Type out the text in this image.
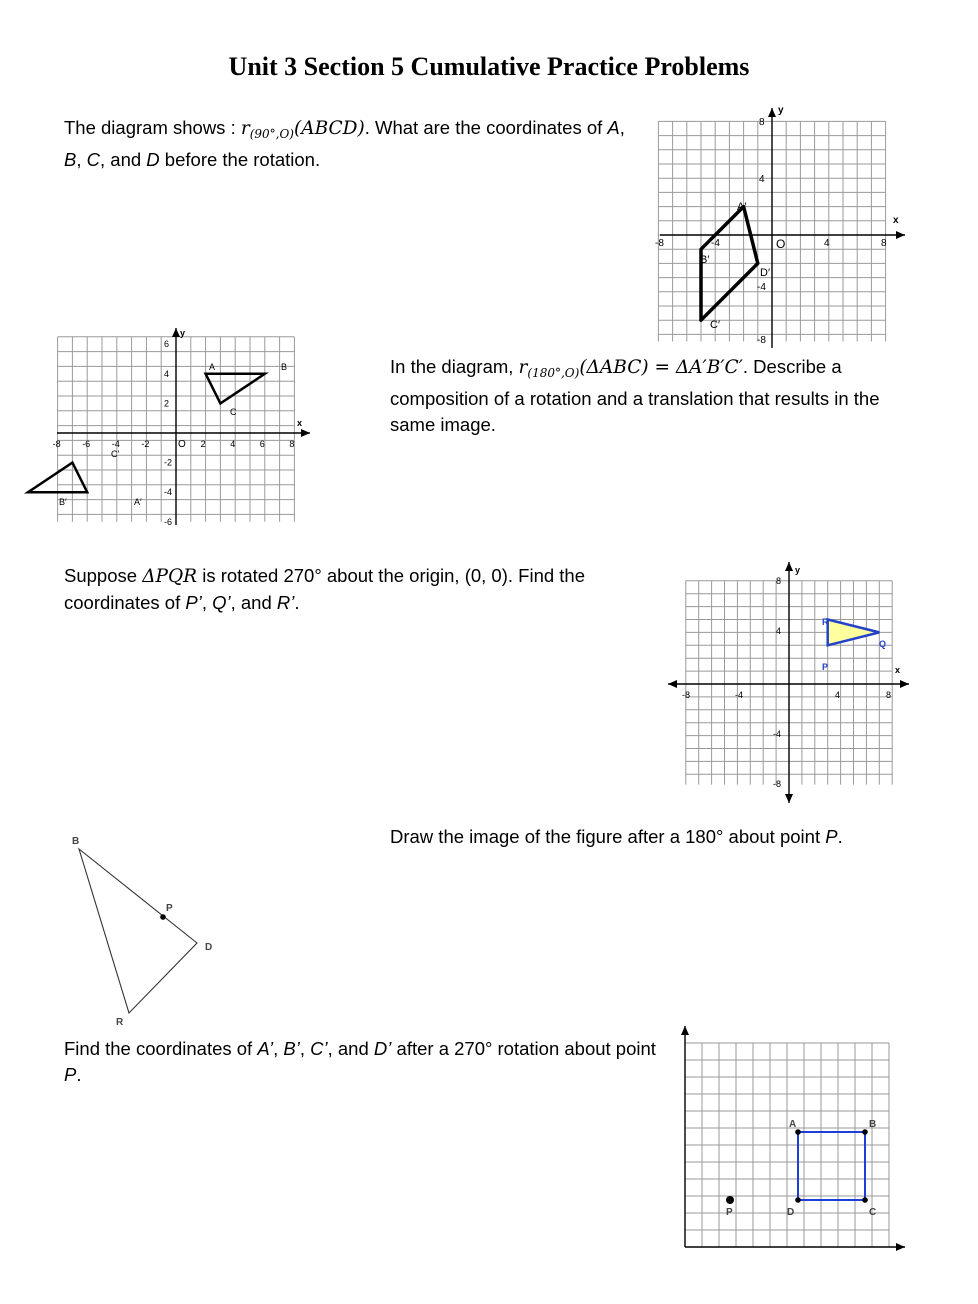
Unit 3 Section 5 Cumulative Practice Problems
The diagram shows : $r_{(90^\circ,O)}(ABCD)$. What are the coordinates of A, B, C, and D before the rotation.
In the diagram, $r_{(180^\circ,O)}(\Delta ABC) = \Delta A'B'C'$. Describe a composition of a rotation and a translation that results in the same image.
Suppose ΔPQR is rotated 270° about the origin, (0, 0). Find the coordinates of P’, Q’, and R’.
Draw the image of the figure after a 180° about point P.
Find the coordinates of A’, B’, C’, and D’ after a 270° rotation about point P.
x
y
O
-8	-4	4	8
8
4
-4
-8
A′
B′
C′
D′
x
y
O
-8 -6 -4 -2	2	4	6	8
6
4
2
-2
-4
-6
A	B
C
A′
B′
C′
x
y
-8	-4	4	8
8
4
-4
-8
P
Q
R
B
P
D
R
A	B
C
D
P
